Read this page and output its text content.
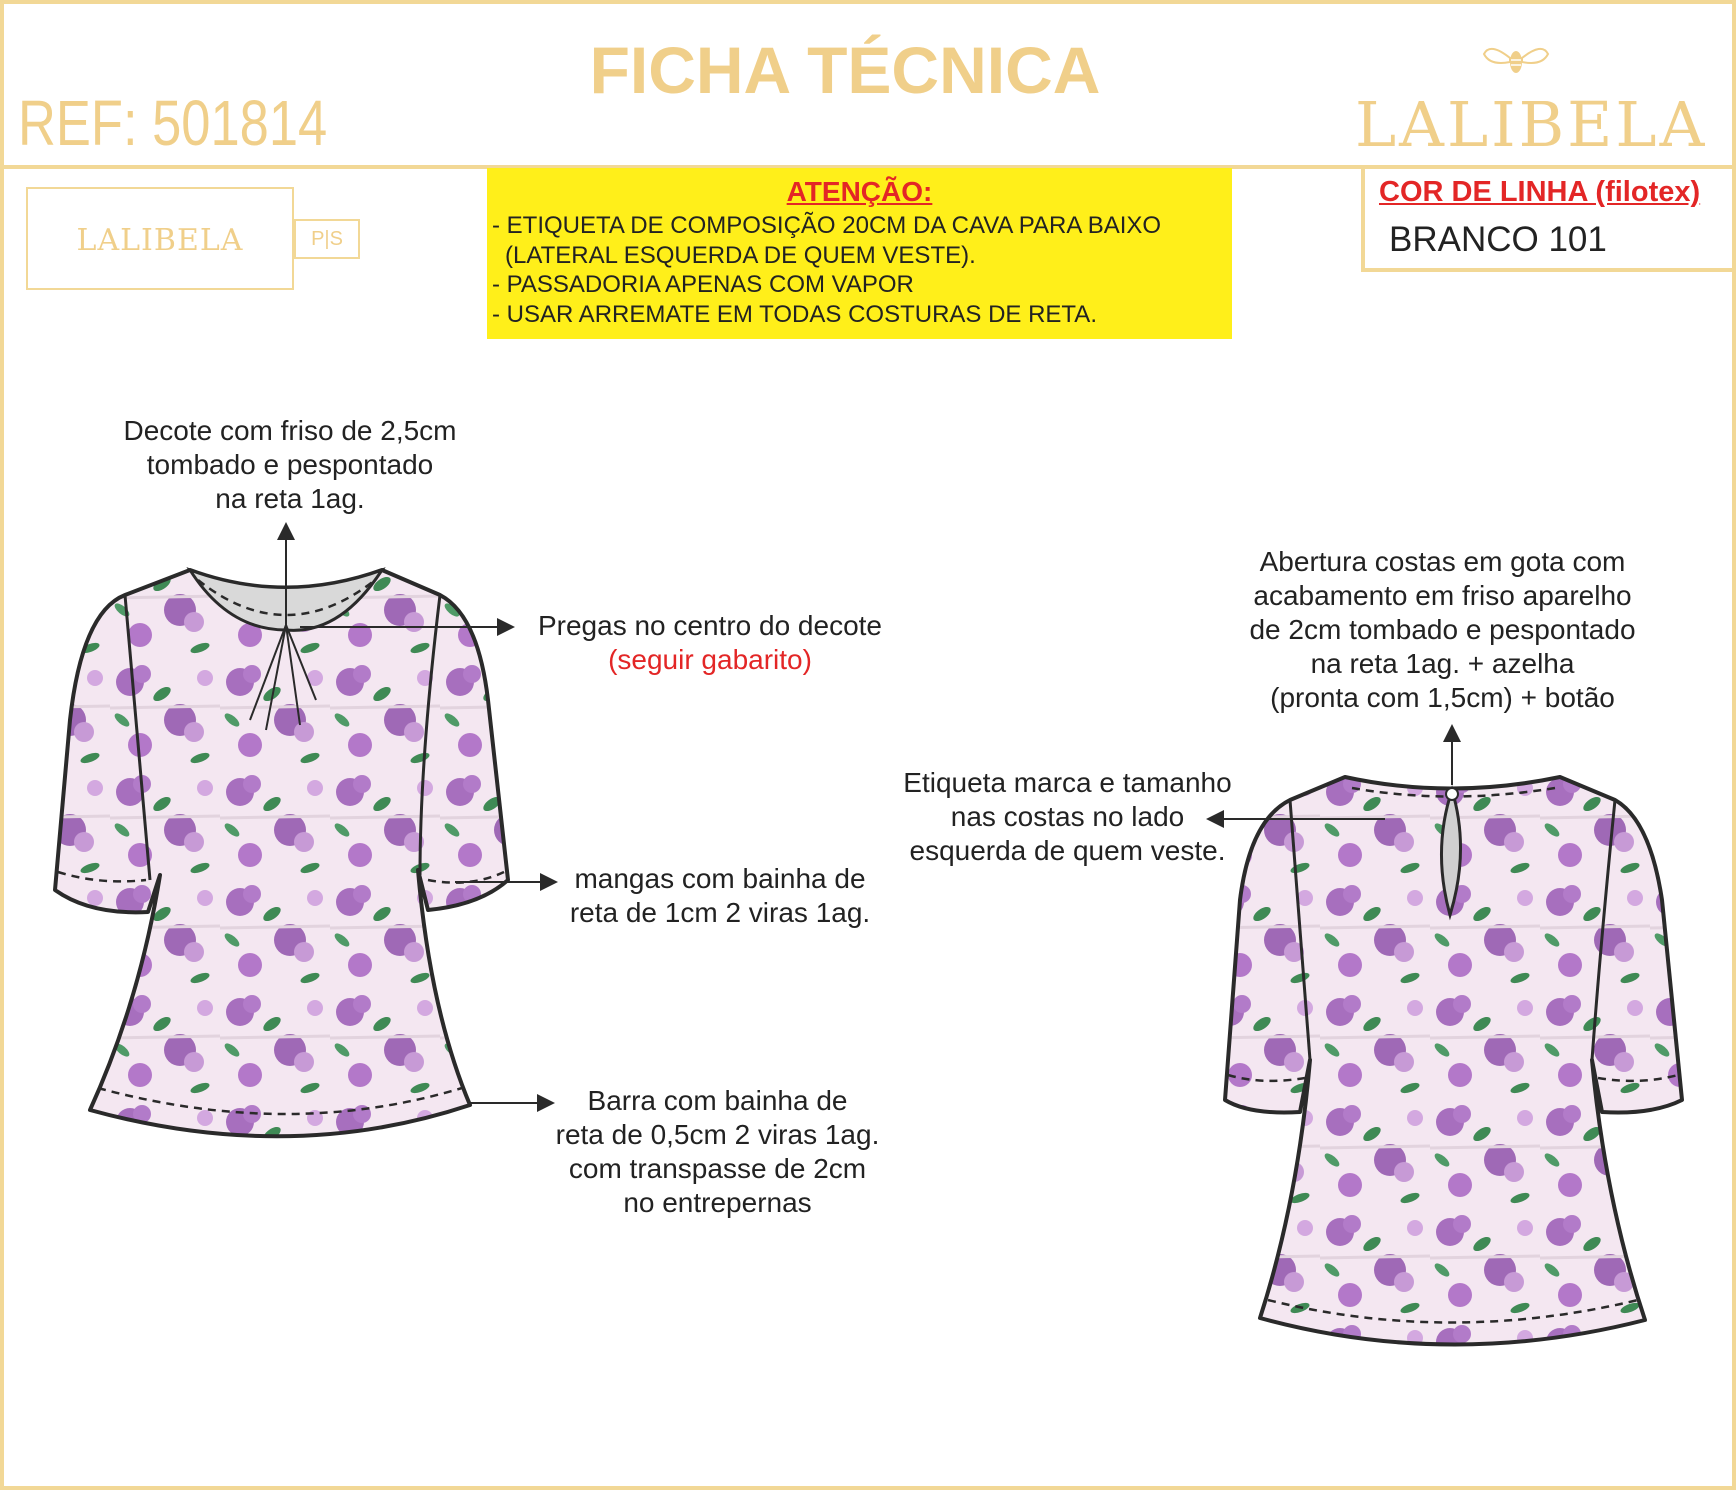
REF: 501814
FICHA TÉCNICA
LALIBELA
LALIBELA	P|S
ATENÇÃO:
- ETIQUETA DE COMPOSIÇÃO 20CM DA CAVA PARA BAIXO
(LATERAL ESQUERDA DE QUEM VESTE).
- PASSADORIA APENAS COM VAPOR
- USAR ARREMATE EM TODAS COSTURAS DE RETA.
COR DE LINHA (filotex)
BRANCO 101
Decote com friso de 2,5cm
tombado e pespontado
na reta 1ag.
Pregas no centro do decote
(seguir gabarito)
mangas com bainha de
reta de 1cm 2 viras 1ag.
Barra com bainha de
reta de 0,5cm 2 viras 1ag.
com transpasse de 2cm
no entrepernas
Abertura costas em gota com
acabamento em friso aparelho
de 2cm tombado e pespontado
na reta 1ag. + azelha
(pronta com 1,5cm) + botão
Etiqueta marca e tamanho
nas costas no lado
esquerda de quem veste.
